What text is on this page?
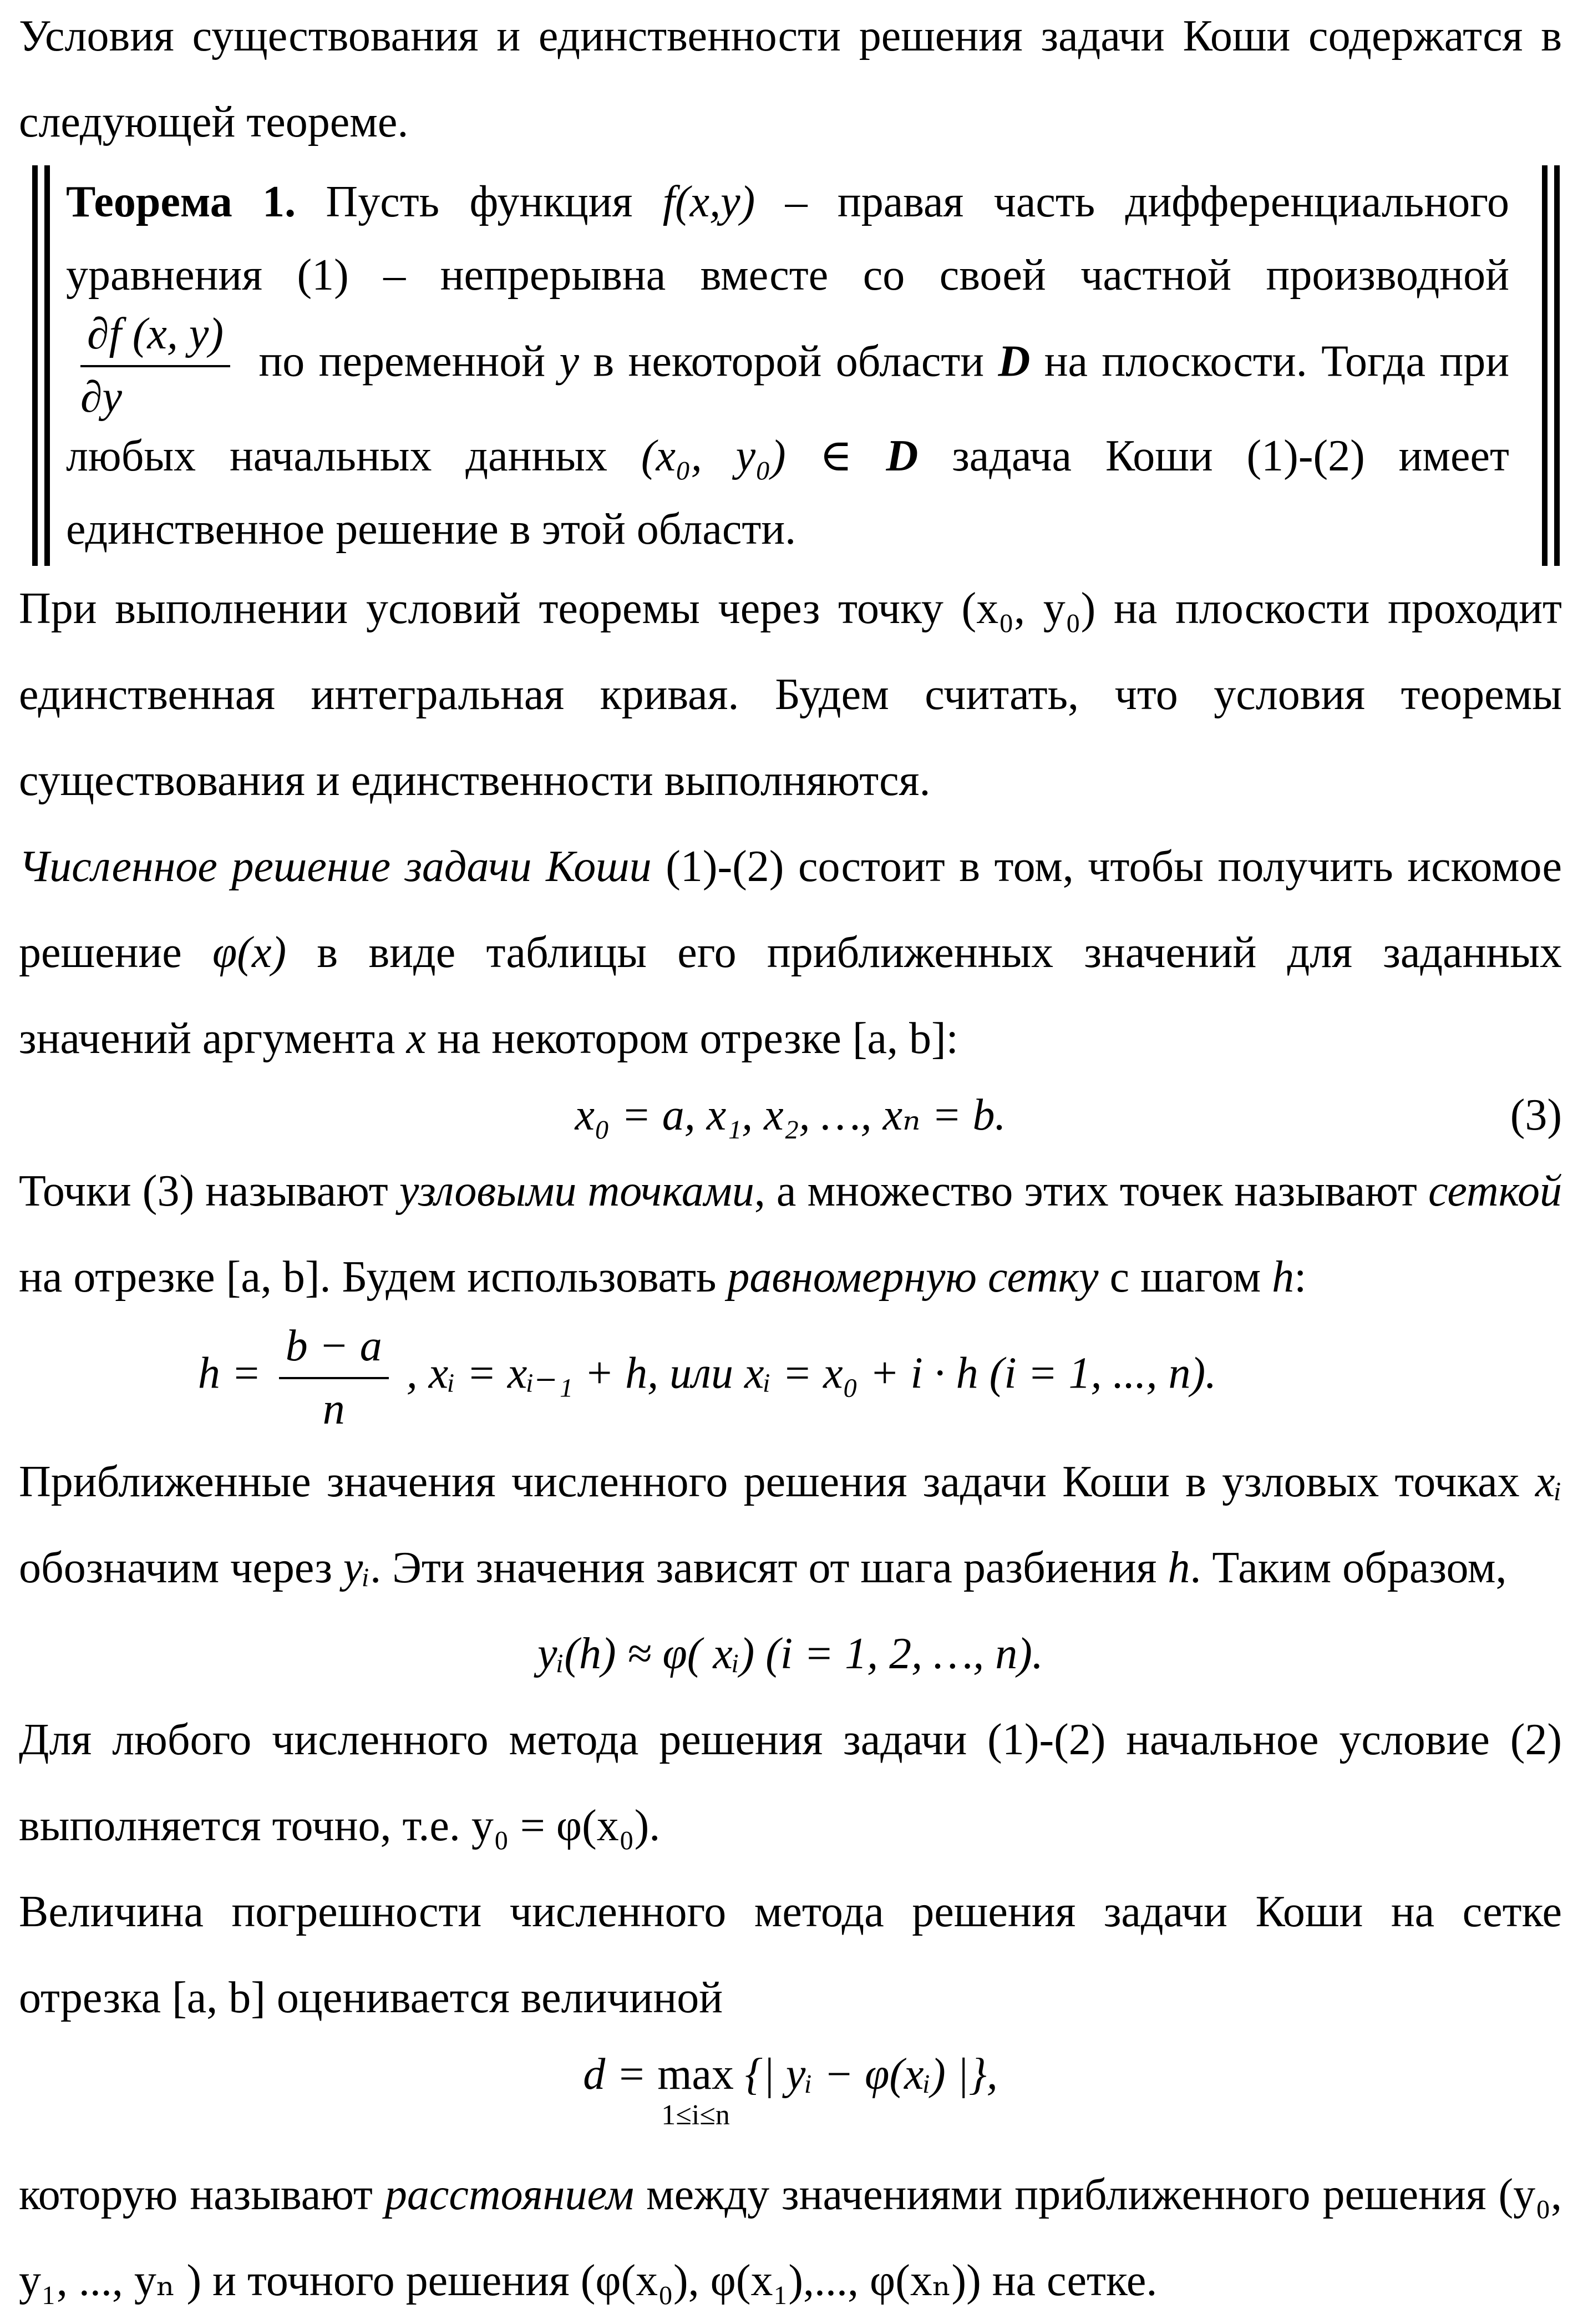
Условия существования и единственности решения задачи Коши содержатся в следующей теореме.

Теорема 1. Пусть функция f(x,y) – правая часть дифференциального уравнения (1) – непрерывна вместе со своей частной производной
$\frac{\partial f (x, y)}{\partial y}$ по переменной y в некоторой области D на плоскости. Тогда при любых начальных данных (x₀, y₀) ∈ D задача Коши (1)-(2) имеет единственное решение в этой области.

При выполнении условий теоремы через точку (x₀, y₀) на плоскости проходит единственная интегральная кривая. Будем считать, что условия теоремы существования и единственности выполняются.

Численное решение задачи Коши (1)-(2) состоит в том, чтобы получить искомое решение φ(x) в виде таблицы его приближенных значений для заданных значений аргумента x на некотором отрезке [a, b]:

x₀ = a, x₁, x₂, …, xₙ = b.	(3)

Точки (3) называют узловыми точками, а множество этих точек называют сеткой на отрезке [a, b]. Будем использовать равномерную сетку с шагом h:

$h = \frac{b - a}{n}$ , xᵢ = xᵢ₋₁ + h, или xᵢ = x₀ + i · h (i = 1, ..., n).

Приближенные значения численного решения задачи Коши в узловых точках xᵢ обозначим через yᵢ. Эти значения зависят от шага разбиения h. Таким образом,

yᵢ(h) ≈ φ( xᵢ) (i = 1, 2, …, n).

Для любого численного метода решения задачи (1)-(2) начальное условие (2) выполняется точно, т.е. y₀ = φ(x₀).

Величина погрешности численного метода решения задачи Коши на сетке отрезка [a, b] оценивается величиной

d = max
1≤i≤n
{| yᵢ − φ(xᵢ) |},

которую называют расстоянием между значениями приближенного решения (y₀, y₁, ..., yₙ ) и точного решения (φ(x₀), φ(x₁),..., φ(xₙ)) на сетке.
